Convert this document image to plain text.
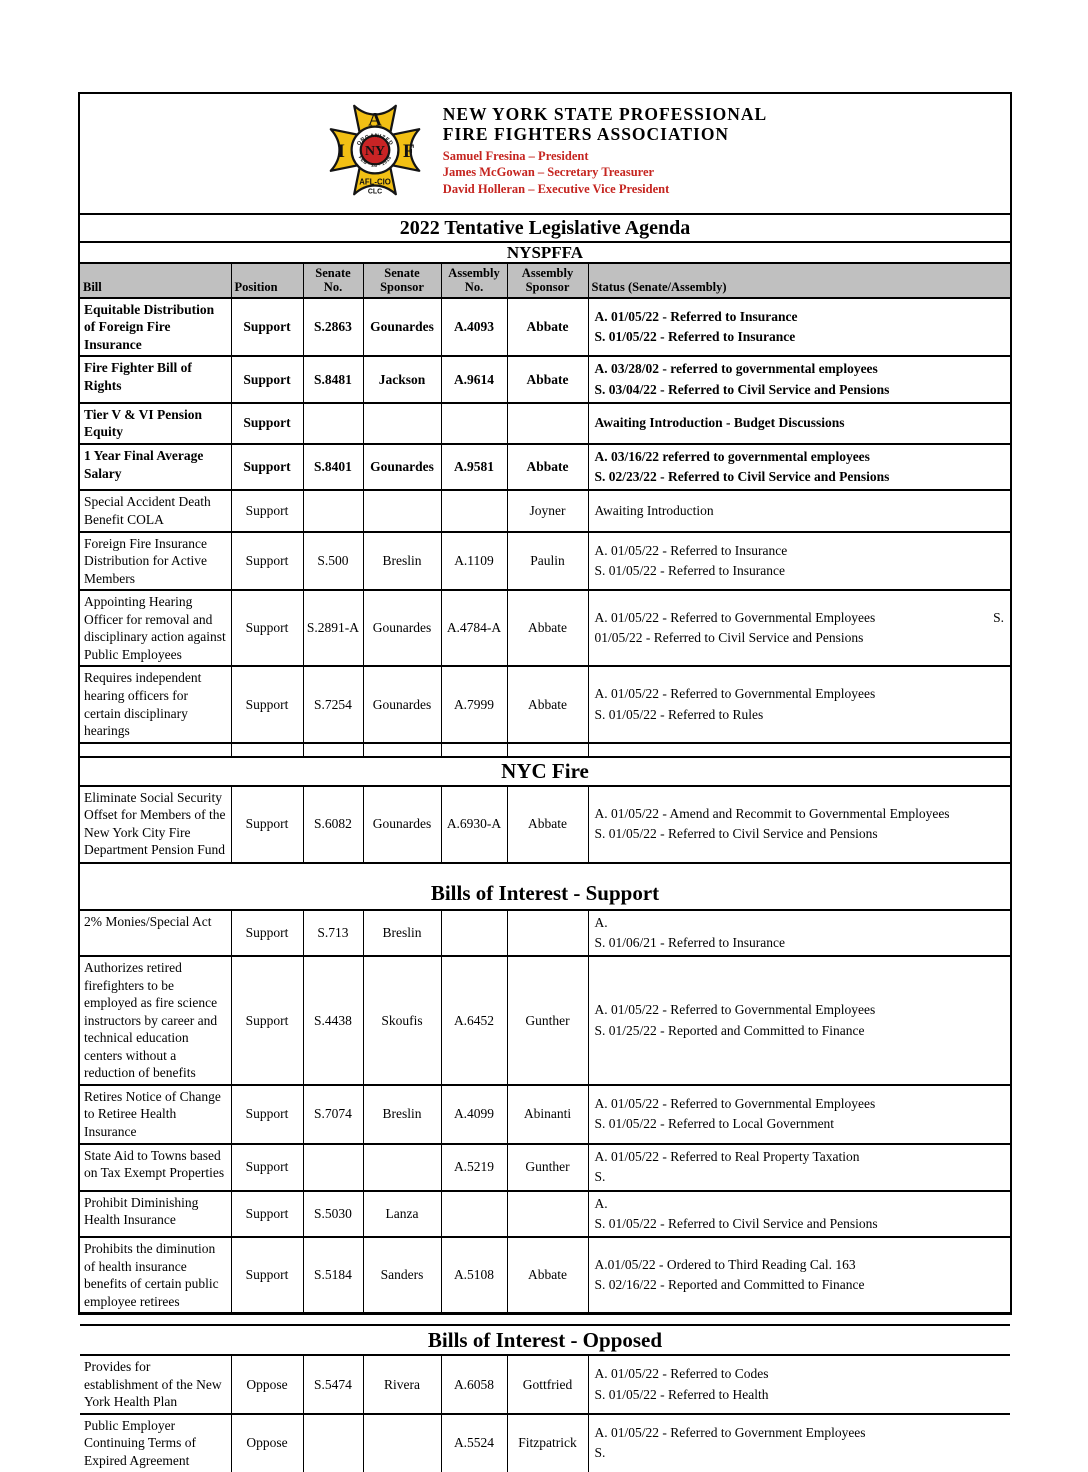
A
I	F
ORGANIZED
FEB · 28 · 1918
NY
AFL-CIO
CLC
NEW YORK STATE PROFESSIONAL
FIRE FIGHTERS ASSOCIATION
Samuel Fresina – President
James McGowan – Secretary Treasurer
David Holleran – Executive Vice President
2022 Tentative Legislative Agenda
NYSPFFA
Bill	Position	Senate No.	Senate Sponsor	Assembly No.	Assembly Sponsor	Status (Senate/Assembly)
Equitable Distribution of Foreign Fire Insurance	Support	S.2863	Gounardes	A.4093	Abbate	A. 01/05/22 - Referred to Insurance
S. 01/05/22 - Referred to Insurance

Fire Fighter Bill of Rights	Support	S.8481	Jackson	A.9614	Abbate	A. 03/28/02 - referred to governmental employees
S. 03/04/22 - Referred to Civil Service and Pensions

Tier V & VI Pension Equity	Support					Awaiting Introduction - Budget Discussions

1 Year Final Average Salary	Support	S.8401	Gounardes	A.9581	Abbate	A. 03/16/22 referred to governmental employees
S. 02/23/22 - Referred to Civil Service and Pensions

Special Accident Death Benefit COLA	Support				Joyner	Awaiting Introduction

Foreign Fire Insurance Distribution for Active Members	Support	S.500	Breslin	A.1109	Paulin	A. 01/05/22 - Referred to Insurance
S. 01/05/22 - Referred to Insurance

Appointing Hearing Officer for removal and disciplinary action against Public Employees	Support	S.2891-A	Gounardes	A.4784-A	Abbate	A. 01/05/22 - Referred to Governmental Employees S.
01/05/22 - Referred to Civil Service and Pensions

Requires independent hearing officers for certain disciplinary hearings	Support	S.7254	Gounardes	A.7999	Abbate	A. 01/05/22 - Referred to Governmental Employees
S. 01/05/22 - Referred to Rules

NYC Fire						
Eliminate Social Security Offset for Members of the New York City Fire Department Pension Fund	Support	S.6082	Gounardes	A.6930-A	Abbate	A. 01/05/22 - Amend and Recommit to Governmental Employees
S. 01/05/22 - Referred to Civil Service and Pensions

Bills of Interest - Support						
2% Monies/Special Act	Support	S.713	Breslin			A.
S. 01/06/21 - Referred to Insurance

Authorizes retired firefighters to be employed as fire science instructors by career and technical education centers without a reduction of benefits	Support	S.4438	Skoufis	A.6452	Gunther	A. 01/05/22 - Referred to Governmental Employees
S. 01/25/22 - Reported and Committed to Finance

Retires Notice of Change to Retiree Health Insurance	Support	S.7074	Breslin	A.4099	Abinanti	A. 01/05/22 - Referred to Governmental Employees
S. 01/05/22 - Referred to Local Government

State Aid to Towns based on Tax Exempt Properties	Support			A.5219	Gunther	A. 01/05/22 - Referred to Real Property Taxation
S.

Prohibit Diminishing Health Insurance	Support	S.5030	Lanza			A.
S. 01/05/22 - Referred to Civil Service and Pensions

Prohibits the diminution of health insurance benefits of certain public employee retirees	Support	S.5184	Sanders	A.5108	Abbate	A.01/05/22 - Ordered to Third Reading Cal. 163
S. 02/16/22 - Reported and Committed to Finance

Bills of Interest - Opposed						
Provides for establishment of the New York Health Plan	Oppose	S.5474	Rivera	A.6058	Gottfried	A. 01/05/22 - Referred to Codes
S. 01/05/22 - Referred to Health

Public Employer Continuing Terms of Expired Agreement	Oppose			A.5524	Fitzpatrick	A. 01/05/22 - Referred to Government Employees
S.
